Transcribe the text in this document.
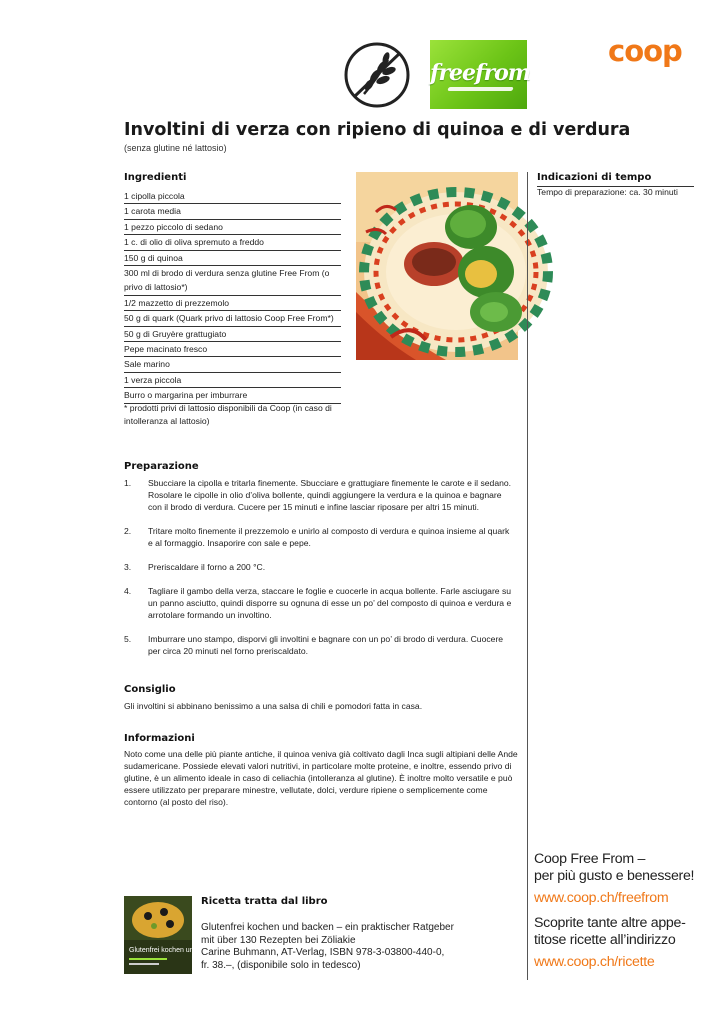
freefrom
coop
Involtini di verza con ripieno di quinoa e di verdura
(senza glutine né lattosio)
Ingredienti
1 cipolla piccola
1 carota media
1 pezzo piccolo di sedano
1 c. di olio di oliva spremuto a freddo
150 g di quinoa
300 ml di brodo di verdura senza glutine Free From (o privo di lattosio*)
1/2 mazzetto di prezzemolo
50 g di quark (Quark privo di lattosio Coop Free From*)
50 g di Gruyère grattugiato
Pepe macinato fresco
Sale marino
1 verza piccola
Burro o margarina per imburrare
* prodotti privi di lattosio disponibili da Coop (in caso di intolleranza al lattosio)
Indicazioni di tempo
Tempo di preparazione: ca. 30 minuti
Preparazione
1. Sbucciare la cipolla e tritarla finemente. Sbucciare e grattugiare finemente le carote e il sedano. Rosolare le cipolle in olio d’oliva bollente, quindi aggiungere la verdura e la quinoa e bagnare con il brodo di verdura. Cucere per 15 minuti e infine lasciar riposare per altri 15 minuti.
2. Tritare molto finemente il prezzemolo e unirlo al composto di verdura e quinoa insieme al quark e al formaggio. Insaporire con sale e pepe.
3. Preriscaldare il forno a 200 °C.
4. Tagliare il gambo della verza, staccare le foglie e cuocerle in acqua bollente. Farle asciugare su un panno asciutto, quindi disporre su ognuna di esse un po’ del composto di quinoa e verdura e arrotolare formando un involtino.
5. Imburrare uno stampo, disporvi gli involtini e bagnare con un po’ di brodo di verdura. Cuocere per circa 20 minuti nel forno preriscaldato.
Consiglio
Gli involtini si abbinano benissimo a una salsa di chili e pomodori fatta in casa.
Informazioni
Noto come una delle più piante antiche, il quinoa veniva già coltivato dagli Inca sugli altipiani delle Ande sudamericane. Possiede elevati valori nutritivi, in particolare molte proteine, e inoltre, essendo privo di glutine, è un alimento ideale in caso di celiachia (intolleranza al glutine). È inoltre molto versatile e può essere utilizzato per preparare minestre, vellutate, dolci, verdure ripiene o semplicemente come contorno (al posto del riso).
Glutenfrei kochen und backen
Ricetta tratta dal libro
Glutenfrei kochen und backen – ein praktischer Ratgeber
mit über 130 Rezepten bei Zöliakie
Carine Buhmann, AT-Verlag, ISBN 978-3-03800-440-0,
fr. 38.–, (disponibile solo in tedesco)
Coop Free From –
per più gusto e benessere!
www.coop.ch/freefrom
Scoprite tante altre appe-
titose ricette all’indirizzo
www.coop.ch/ricette
